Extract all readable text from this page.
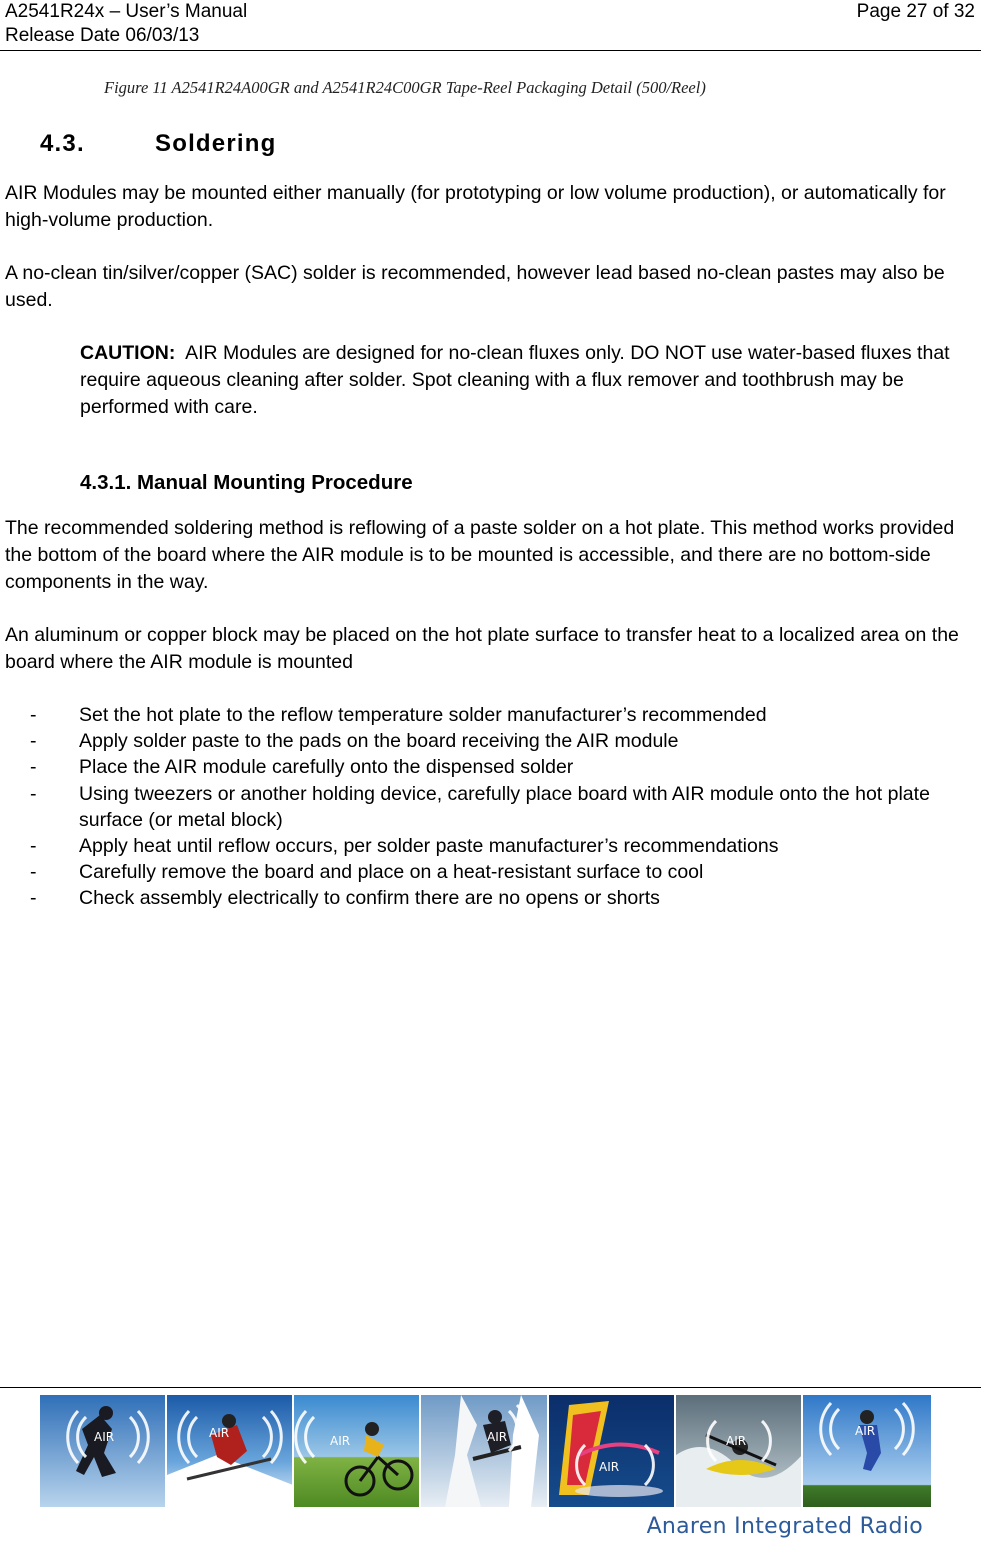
A2541R24x – User’s Manual
Release Date 06/03/13
Page 27 of 32
Figure 11 A2541R24A00GR and A2541R24C00GR Tape-Reel Packaging Detail (500/Reel)
4.3.	Soldering
AIR Modules may be mounted either manually (for prototyping or low volume production), or automatically for high-volume production.
A no-clean tin/silver/copper (SAC) solder is recommended, however lead based no-clean pastes may also be used.
CAUTION: AIR Modules are designed for no-clean fluxes only. DO NOT use water-based fluxes that require aqueous cleaning after solder. Spot cleaning with a flux remover and toothbrush may be performed with care.
4.3.1. Manual Mounting Procedure
The recommended soldering method is reflowing of a paste solder on a hot plate. This method works provided the bottom of the board where the AIR module is to be mounted is accessible, and there are no bottom-side components in the way.
An aluminum or copper block may be placed on the hot plate surface to transfer heat to a localized area on the board where the AIR module is mounted
- Set the hot plate to the reflow temperature solder manufacturer’s recommended
- Apply solder paste to the pads on the board receiving the AIR module
- Place the AIR module carefully onto the dispensed solder
- Using tweezers or another holding device, carefully place board with AIR module onto the hot plate surface (or metal block)
- Apply heat until reflow occurs, per solder paste manufacturer’s recommendations
- Carefully remove the board and place on a heat-resistant surface to cool
- Check assembly electrically to confirm there are no opens or shorts
AIR	AIR
AIR	AIR
AIR
AIR
AIR
Anaren Integrated Radio
